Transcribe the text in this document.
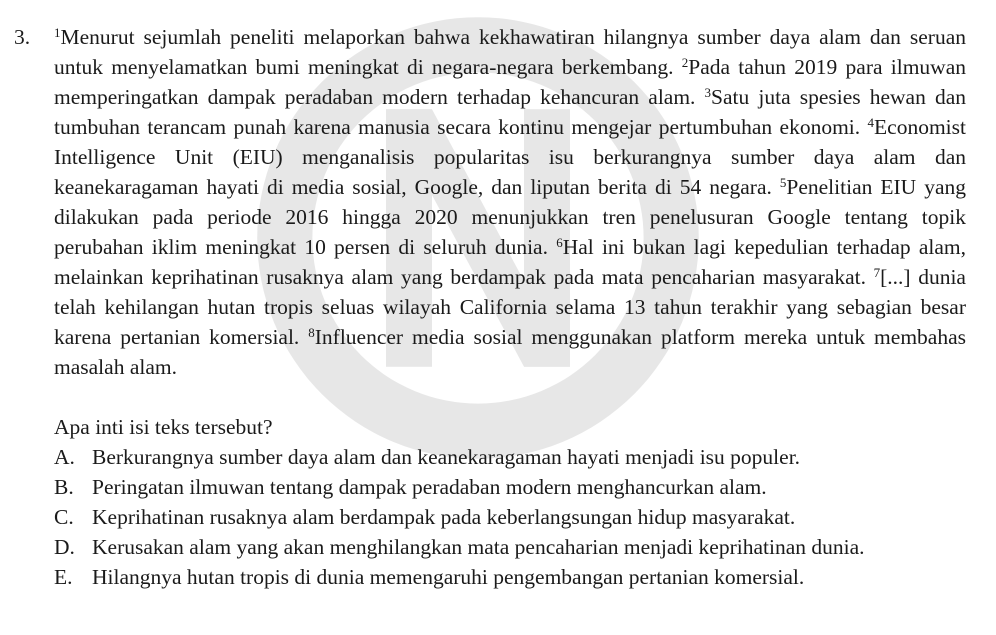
3. $^1$Menurut sejumlah peneliti melaporkan bahwa kekhawatiran hilangnya sumber daya alam dan seruan untuk menyelamatkan bumi meningkat di negara-negara berkembang. $^2$Pada tahun 2019 para ilmuwan memperingatkan dampak peradaban modern terhadap kehancuran alam. $^3$Satu juta spesies hewan dan tumbuhan terancam punah karena manusia secara kontinu mengejar pertumbuhan ekonomi. $^4$Economist Intelligence Unit (EIU) menganalisis popularitas isu berkurangnya sumber daya alam dan keanekaragaman hayati di media sosial, Google, dan liputan berita di 54 negara. $^5$Penelitian EIU yang dilakukan pada periode 2016 hingga 2020 menunjukkan tren penelusuran Google tentang topik perubahan iklim meningkat 10 persen di seluruh dunia. $^6$Hal ini bukan lagi kepedulian terhadap alam, melainkan keprihatinan rusaknya alam yang berdampak pada mata pencaharian masyarakat. $^7$[...] dunia telah kehilangan hutan tropis seluas wilayah California selama 13 tahun terakhir yang sebagian besar karena pertanian komersial. $^8$Influencer media sosial menggunakan platform mereka untuk membahas masalah alam.

Apa inti isi teks tersebut?
A. Berkurangnya sumber daya alam dan keanekaragaman hayati menjadi isu populer.
B. Peringatan ilmuwan tentang dampak peradaban modern menghancurkan alam.
C. Keprihatinan rusaknya alam berdampak pada keberlangsungan hidup masyarakat.
D. Kerusakan alam yang akan menghilangkan mata pencaharian menjadi keprihatinan dunia.
E. Hilangnya hutan tropis di dunia memengaruhi pengembangan pertanian komersial.
